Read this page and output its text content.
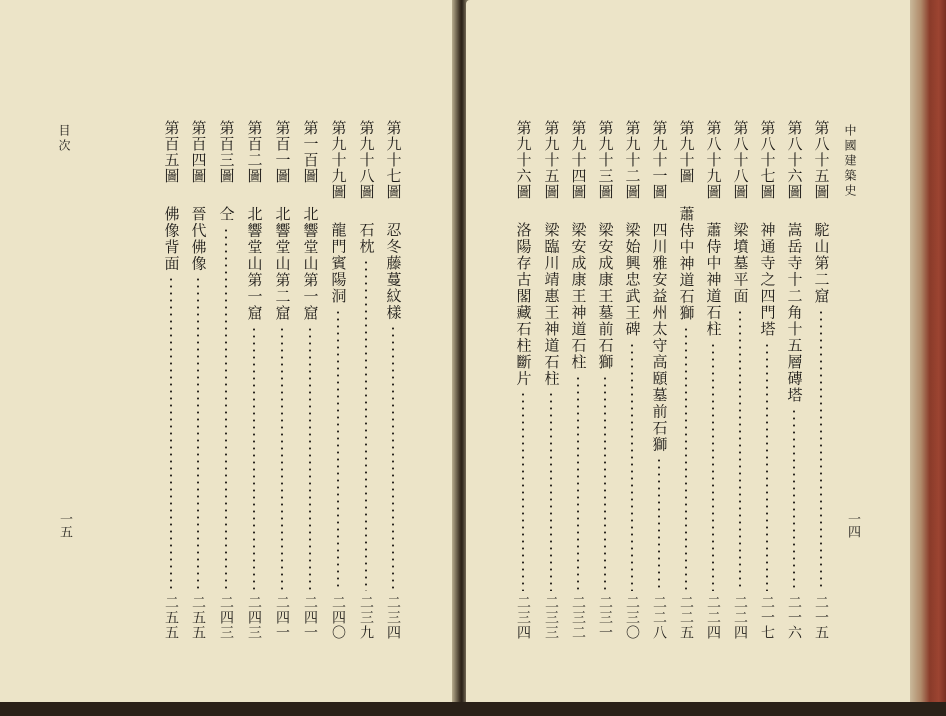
目次
一五
第九十七圖
忍冬藤蔓紋樣
二三四
第九十八圖
石枕
二三九
第九十九圖
龍門賓陽洞
二四〇
第一百圖
北響堂山第一窟
二四一
第百一圖
北響堂山第二窟
二四一
第百二圖
北響堂山第一窟
二四三
第百三圖
仝
二四三
第百四圖
晉代佛像
二五五
第百五圖
佛像背面
二五五
中國建築史
一四
第八十五圖
駝山第二窟
二一五
第八十六圖
嵩岳寺十二角十五層磚塔
二一六
第八十七圖
神通寺之四門塔
二一七
第八十八圖
梁墳墓平面
二二四
第八十九圖
蕭侍中神道石柱
二二四
第九十圖
蕭侍中神道石獅
二二五
第九十一圖
四川雅安益州太守高頤墓前石獅
二二八
第九十二圖
梁始興忠武王碑
二三〇
第九十三圖
梁安成康王墓前石獅
二三一
第九十四圖
梁安成康王神道石柱
二三二
第九十五圖
梁臨川靖惠王神道石柱
二三三
第九十六圖
洛陽存古閣藏石柱斷片
二三四
